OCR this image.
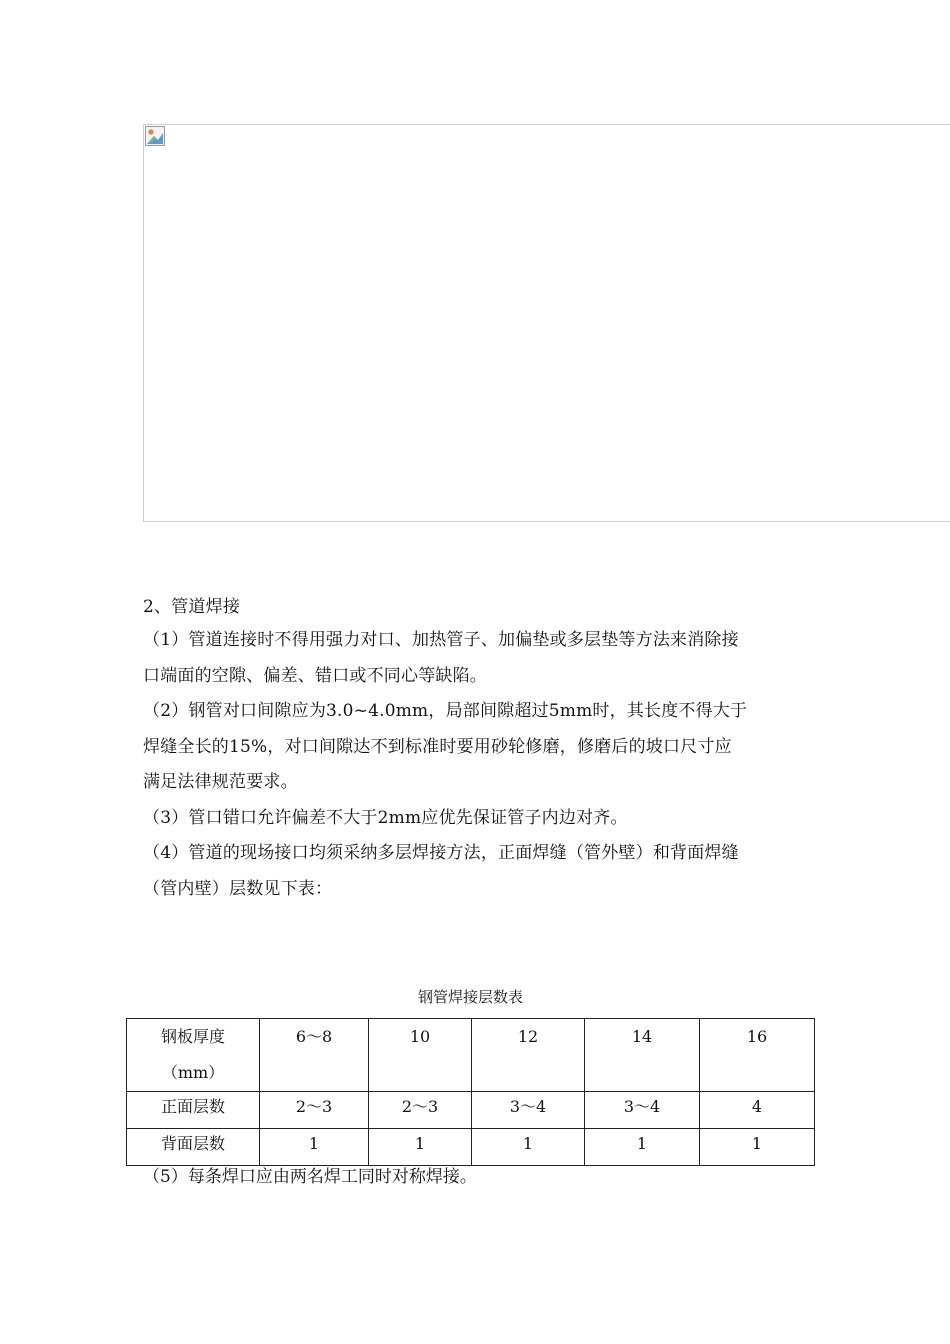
2、管道焊接

（1）管道连接时不得用强力对口、加热管子、加偏垫或多层垫等方法来消除接

口端面的空隙、偏差、错口或不同心等缺陷。

（2）钢管对口间隙应为3.0~4.0mm，局部间隙超过5mm时，其长度不得大于

焊缝全长的15%，对口间隙达不到标准时要用砂轮修磨，修磨后的坡口尺寸应

满足法律规范要求。

（3）管口错口允许偏差不大于2mm应优先保证管子内边对齐。

（4）管道的现场接口均须采纳多层焊接方法，正面焊缝（管外壁）和背面焊缝

（管内壁）层数见下表：

钢管焊接层数表
钢板厚度
（mm）	6～8	10	12	14	16
正面层数	2～3	2～3	3～4	3～4	4
背面层数	1	1	1	1	1
（5）每条焊口应由两名焊工同时对称焊接。
